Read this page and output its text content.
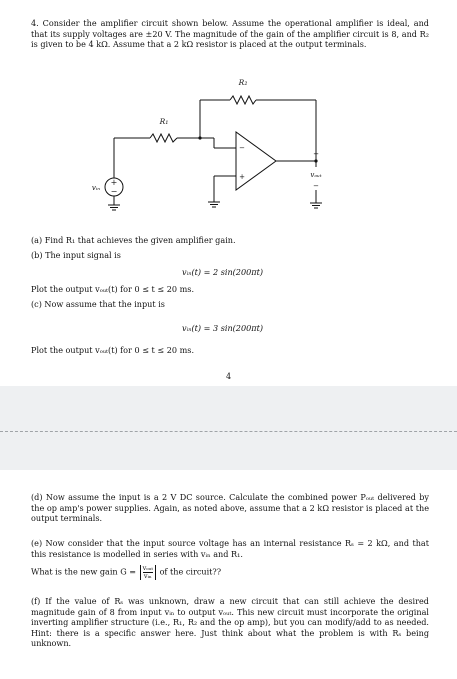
4. Consider the amplifier circuit shown below. Assume the operational amplifier is ideal, and that its supply voltages are ±20 V. The magnitude of the gain of the amplifier circuit is 8, and R₂ is given to be 4 kΩ. Assume that a 2 kΩ resistor is placed at the output terminals.

+
−
R₁
R₂
vᵢₙ
vₒᵤₜ
−
+
+
−
(a) Find R₁ that achieves the given amplifier gain.
(b) The input signal is
vᵢₙ(t) = 2 sin(200πt)
Plot the output vₒᵤₜ(t) for 0 ≤ t ≤ 20 ms.
(c) Now assume that the input is
vᵢₙ(t) = 3 sin(200πt)
Plot the output vₒᵤₜ(t) for 0 ≤ t ≤ 20 ms.
4

(d) Now assume the input is a 2 V DC source. Calculate the combined power Pₒᵤₜ delivered by the op amp's power supplies. Again, as noted above, assume that a 2 kΩ resistor is placed at the output terminals.

(e) Now consider that the input source voltage has an internal resistance Rₛ = 2 kΩ, and that this resistance is modelled in series with vᵢₙ and R₁.

What is the new gain $G = \frac{\text{vₒᵤₜ}}{\text{vᵢₙ}}$ of the circuit??

(f) If the value of Rₛ was unknown, draw a new circuit that can still achieve the desired magnitude gain of 8 from input vᵢₙ to output vₒᵤₜ. This new circuit must incorporate the original inverting amplifier structure (i.e., R₁, R₂ and the op amp), but you can modify/add to as needed. Hint: there is a specific answer here. Just think about what the problem is with Rₛ being unknown.
